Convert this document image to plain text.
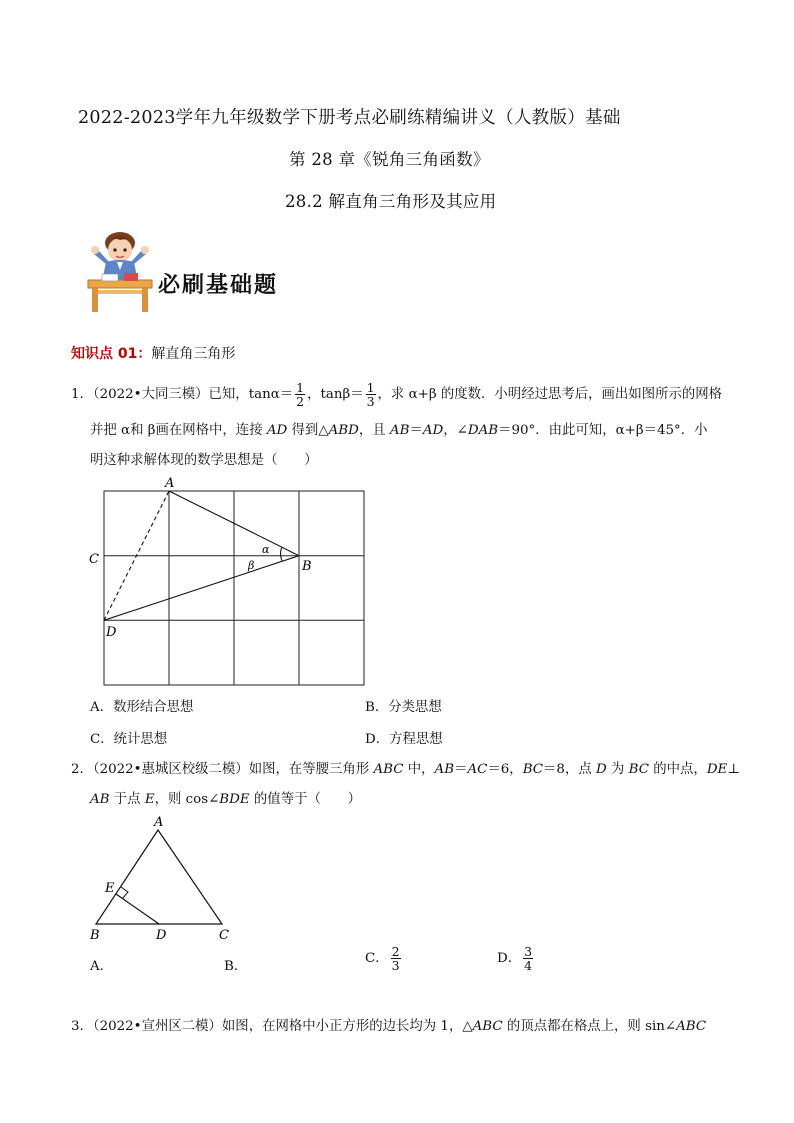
2022-2023学年九年级数学下册考点必刷练精编讲义（人教版）基础
第 28 章《锐角三角函数》
28.2 解直角三角形及其应用
必刷基础题
知识点 01：解直角三角形
1．（2022•大同三模）已知，$\tan\alpha= \frac{1}{2}$ ，$\tan\beta= \frac{1}{3}$ ，求 α+β 的度数．小明经过思考后，画出如图所示的网格
并把 α和 β画在网格中，连接 AD 得到△ABD，且 AB＝AD，∠DAB＝90°．由此可知，α+β＝45°．小
明这种求解体现的数学思想是（　　）
A
B
C
D
α
β
A．数形结合思想	B．分类思想
C．统计思想	D．方程思想
2．（2022•惠城区校级二模）如图，在等腰三角形 ABC 中，AB＝AC＝6，BC＝8，点 D 为 BC 的中点，DE⊥
AB 于点 E，则 cos∠BDE 的值等于（　　）
A
B	C
D
E
A．	B．
C． $\frac{2}{3}$	D． $\frac{3}{4}$
3．（2022•宣州区二模）如图，在网格中小正方形的边长均为 1，△ABC 的顶点都在格点上，则 sin∠ABC
